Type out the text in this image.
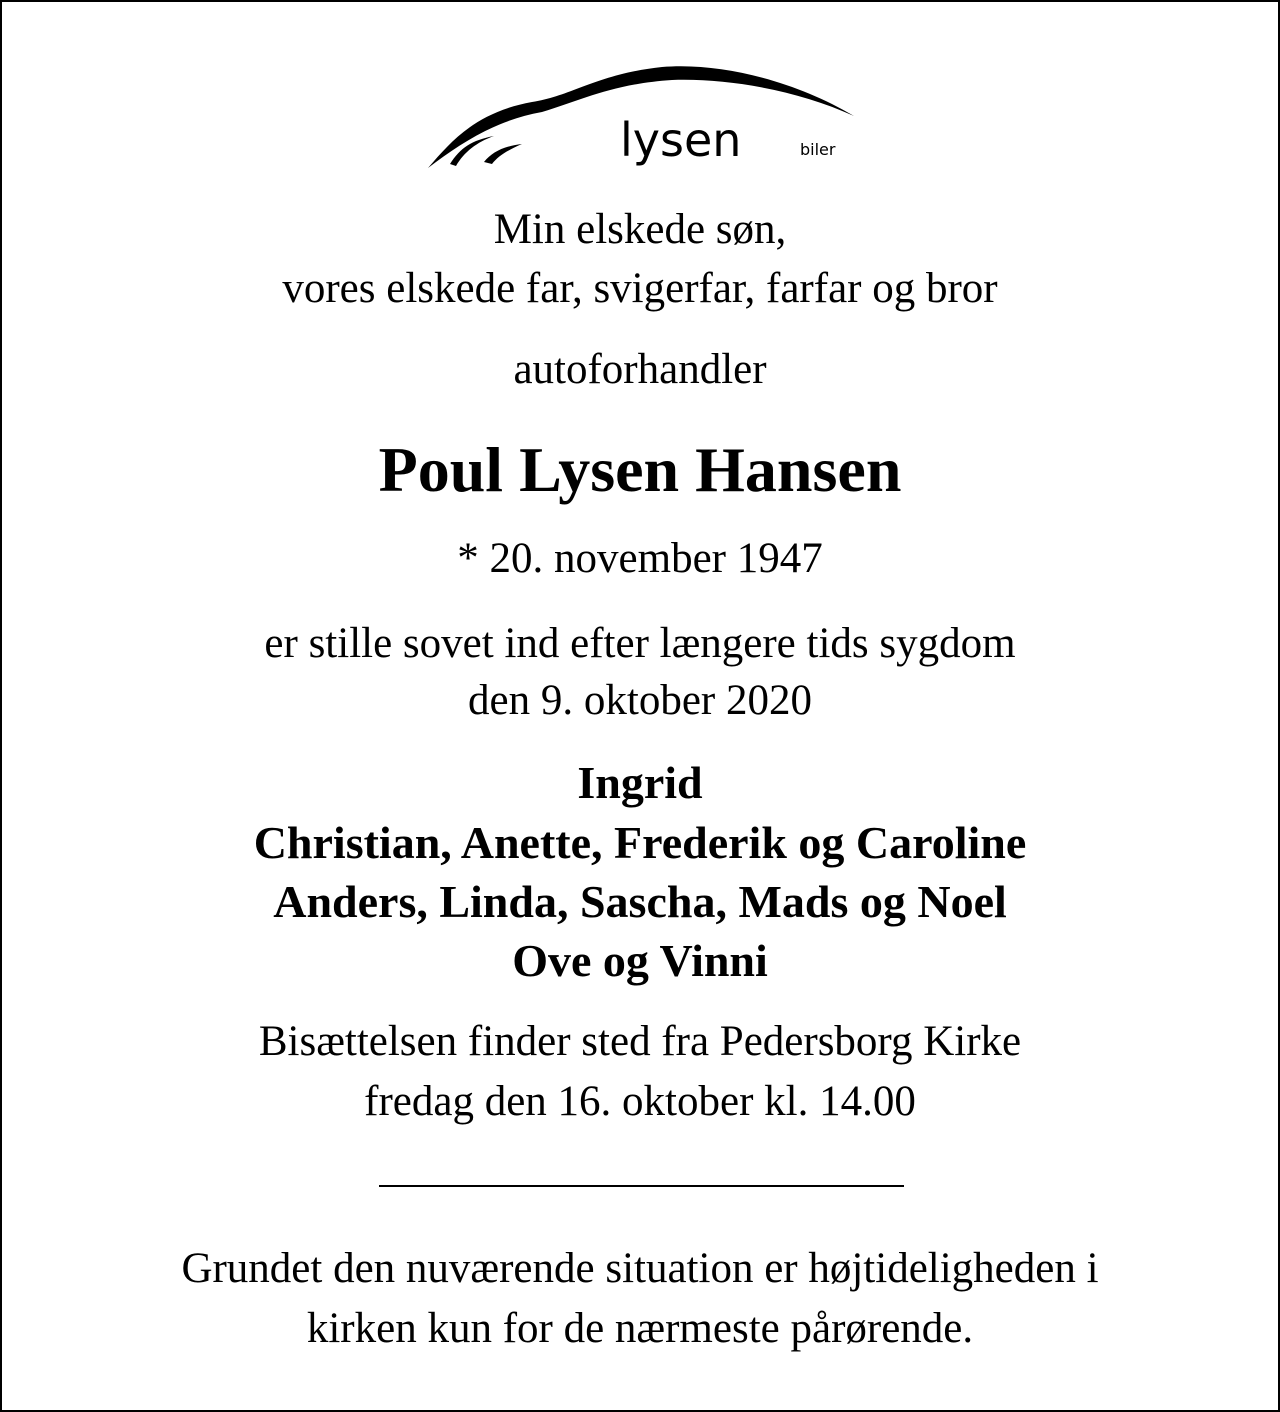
lysen	biler
Min elskede søn,
vores elskede far, svigerfar, farfar og bror
autoforhandler
Poul Lysen Hansen
* 20. november 1947
er stille sovet ind efter længere tids sygdom
den 9. oktober 2020
Ingrid
Christian, Anette, Frederik og Caroline
Anders, Linda, Sascha, Mads og Noel
Ove og Vinni
Bisættelsen finder sted fra Pedersborg Kirke
fredag den 16. oktober kl. 14.00
Grundet den nuværende situation er højtideligheden i
kirken kun for de nærmeste pårørende.
